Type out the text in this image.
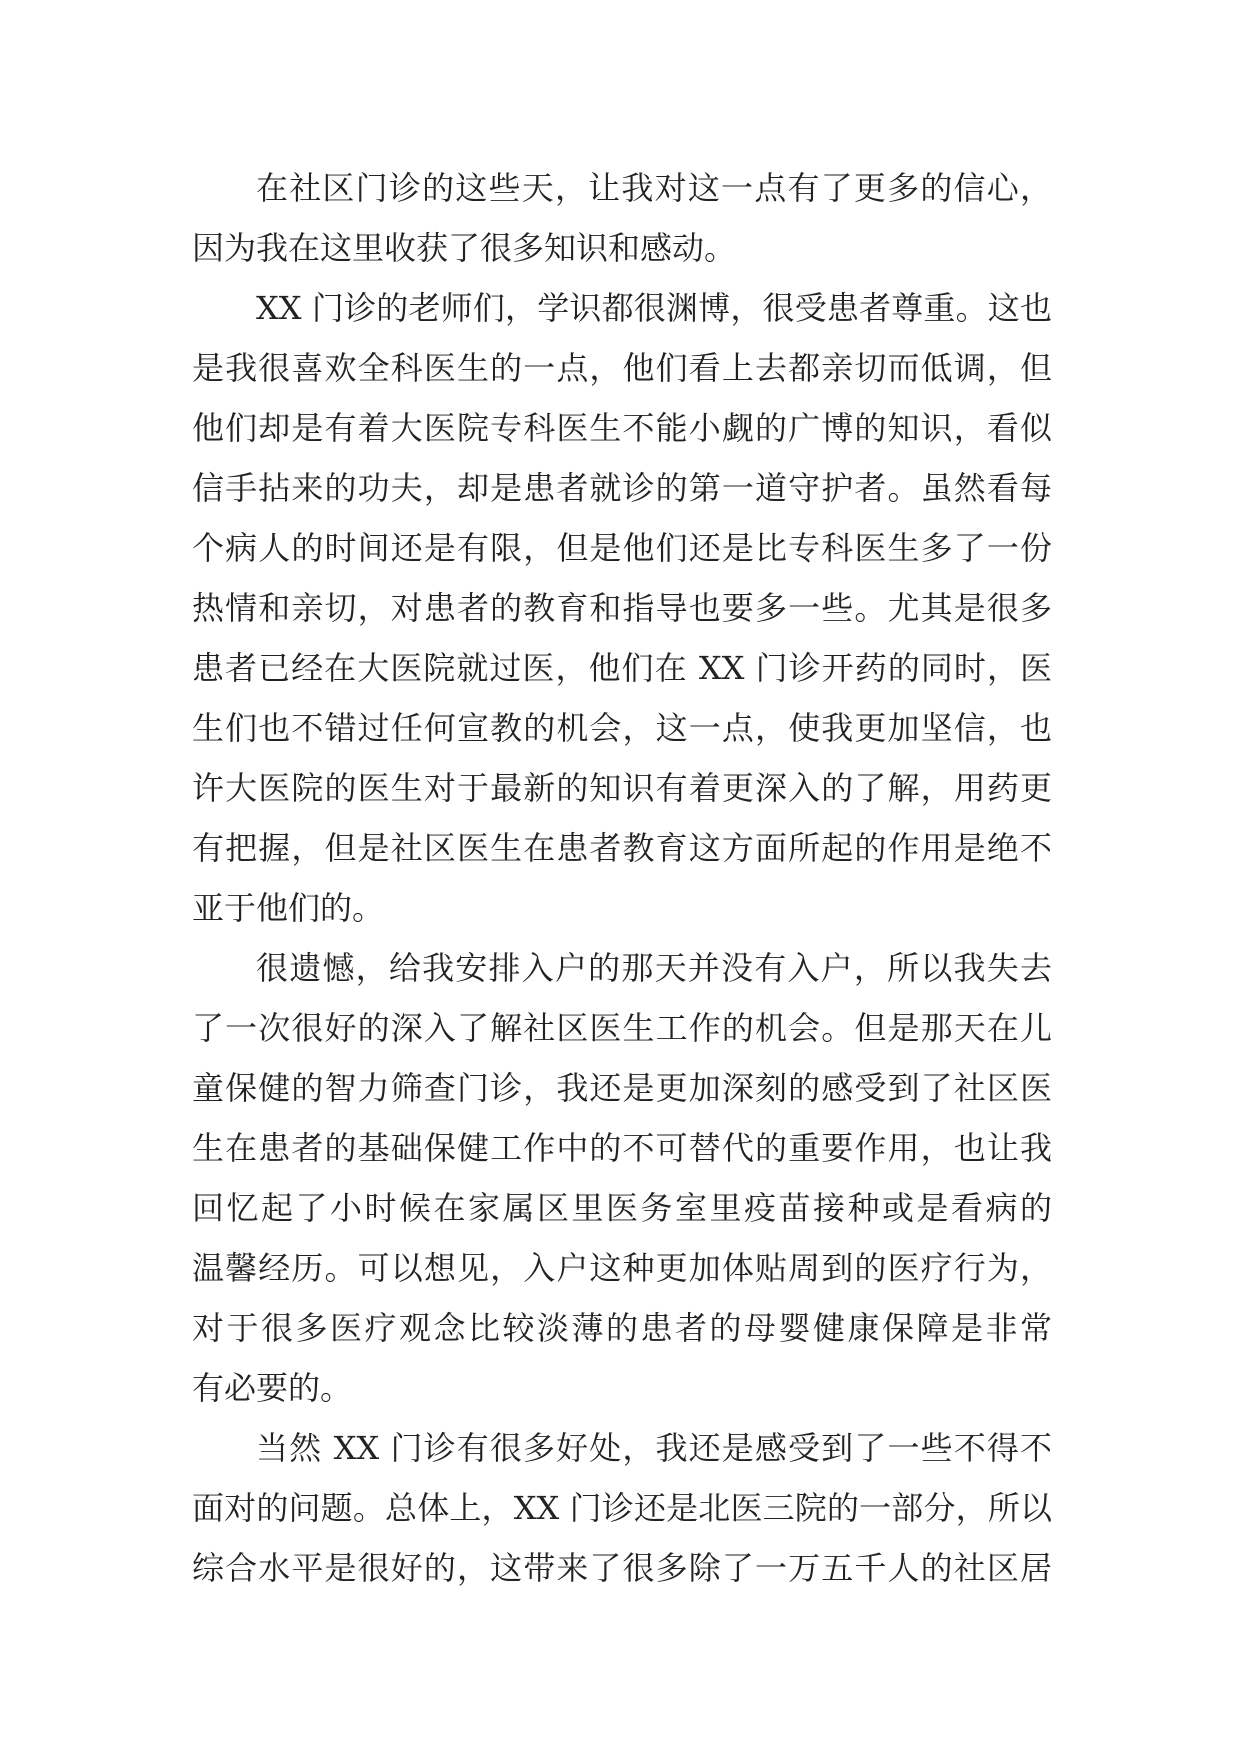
在社区门诊的这些天，让我对这一点有了更多的信心，
因为我在这里收获了很多知识和感动。
XX 门诊的老师们，学识都很渊博，很受患者尊重。这也
是我很喜欢全科医生的一点，他们看上去都亲切而低调，但
他们却是有着大医院专科医生不能小觑的广博的知识，看似
信手拈来的功夫，却是患者就诊的第一道守护者。虽然看每
个病人的时间还是有限，但是他们还是比专科医生多了一份
热情和亲切，对患者的教育和指导也要多一些。尤其是很多
患者已经在大医院就过医，他们在 XX 门诊开药的同时，医
生们也不错过任何宣教的机会，这一点，使我更加坚信，也
许大医院的医生对于最新的知识有着更深入的了解，用药更
有把握，但是社区医生在患者教育这方面所起的作用是绝不
亚于他们的。
很遗憾，给我安排入户的那天并没有入户，所以我失去
了一次很好的深入了解社区医生工作的机会。但是那天在儿
童保健的智力筛查门诊，我还是更加深刻的感受到了社区医
生在患者的基础保健工作中的不可替代的重要作用，也让我
回忆起了小时候在家属区里医务室里疫苗接种或是看病的
温馨经历。可以想见，入户这种更加体贴周到的医疗行为，
对于很多医疗观念比较淡薄的患者的母婴健康保障是非常
有必要的。
当然 XX 门诊有很多好处，我还是感受到了一些不得不
面对的问题。总体上，XX 门诊还是北医三院的一部分，所以
综合水平是很好的，这带来了很多除了一万五千人的社区居
